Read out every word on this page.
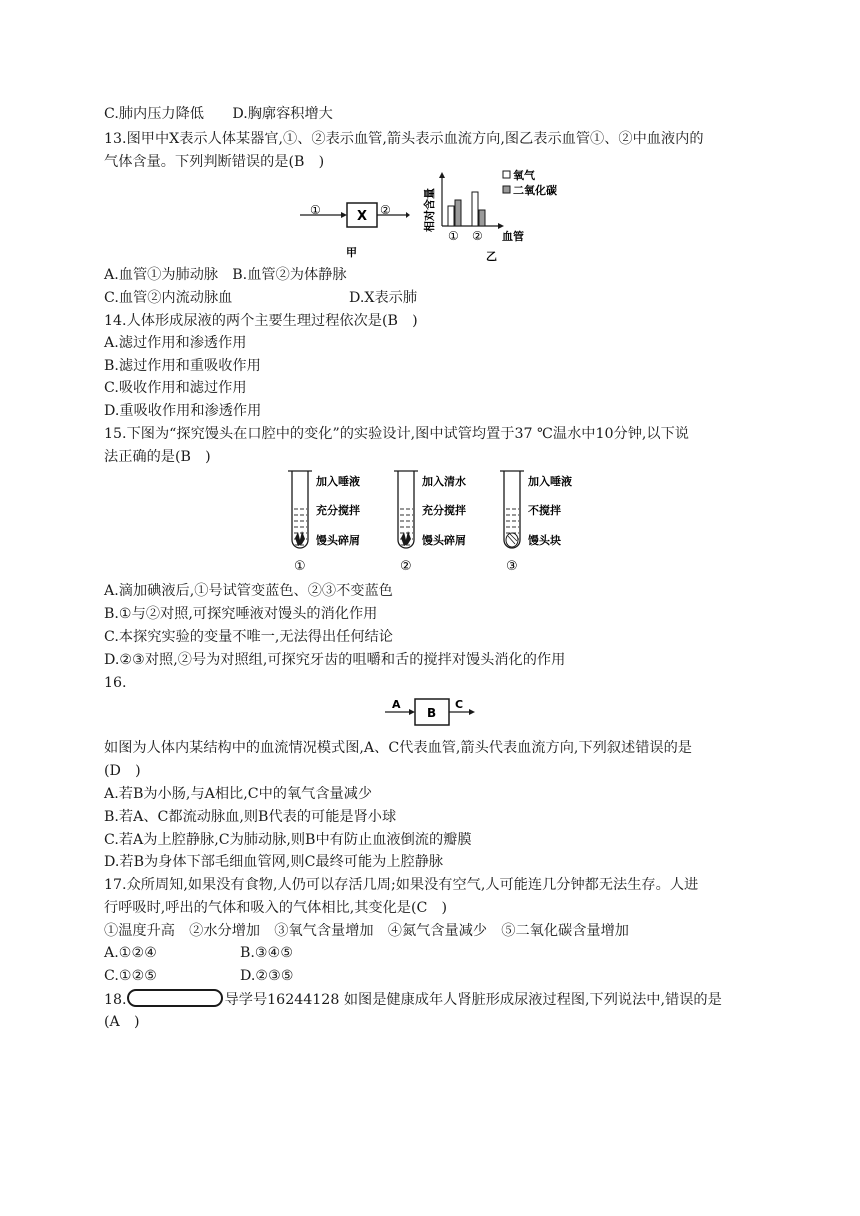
C.肺内压力降低　　D.胸廓容积增大
13.图甲中X表示人体某器官,①、②表示血管,箭头表示血流方向,图乙表示血管①、②中血液内的
气体含量。下列判断错误的是(B　)
①	X ②
甲
相对含量
氧气
二氧化碳
① ② 血管
乙
A.血管①为肺动脉　B.血管②为体静脉
C.血管②内流动脉血	D.X表示肺
14.人体形成尿液的两个主要生理过程依次是(B　)
A.滤过作用和渗透作用
B.滤过作用和重吸收作用
C.吸收作用和滤过作用
D.重吸收作用和渗透作用
15.下图为“探究馒头在口腔中的变化”的实验设计,图中试管均置于37 ℃温水中10分钟,以下说
法正确的是(B　)
加入唾液
充分搅拌
馒头碎屑
①
加入清水
充分搅拌
馒头碎屑
②
加入唾液
不搅拌
馒头块
③
A.滴加碘液后,①号试管变蓝色、②③不变蓝色
B.①与②对照,可探究唾液对馒头的消化作用
C.本探究实验的变量不唯一,无法得出任何结论
D.②③对照,②号为对照组,可探究牙齿的咀嚼和舌的搅拌对馒头消化的作用
16.
A
B
C
如图为人体内某结构中的血流情况模式图,A、C代表血管,箭头代表血流方向,下列叙述错误的是
(D　)
A.若B为小肠,与A相比,C中的氧气含量减少
B.若A、C都流动脉血,则B代表的可能是肾小球
C.若A为上腔静脉,C为肺动脉,则B中有防止血液倒流的瓣膜
D.若B为身体下部毛细血管网,则C最终可能为上腔静脉
17.众所周知,如果没有食物,人仍可以存活几周;如果没有空气,人可能连几分钟都无法生存。人进
行呼吸时,呼出的气体和吸入的气体相比,其变化是(C　)
①温度升高　②水分增加　③氧气含量增加　④氮气含量减少　⑤二氧化碳含量增加
A.①②④	B.③④⑤
C.①②⑤	D.②③⑤
18.	导学号16244128 如图是健康成年人肾脏形成尿液过程图,下列说法中,错误的是
(A　)
